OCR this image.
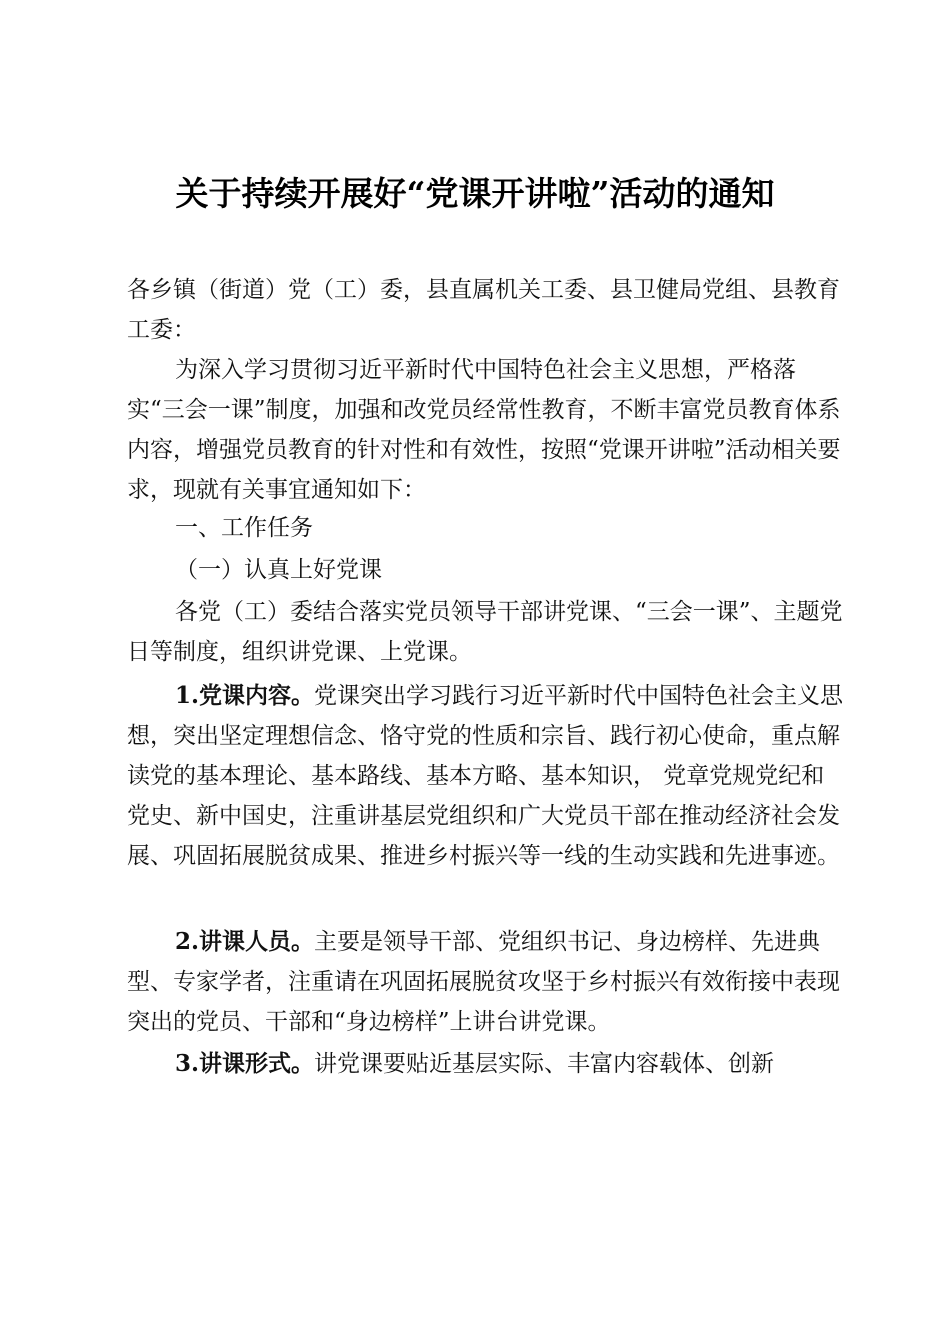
关于持续开展好“党课开讲啦”活动的通知

各乡镇（街道）党（工）委，县直属机关工委、县卫健局党组、县教育工委：

为深入学习贯彻习近平新时代中国特色社会主义思想，严格落实“三会一课”制度，加强和改党员经常性教育，不断丰富党员教育体系内容，增强党员教育的针对性和有效性，按照“党课开讲啦”活动相关要求，现就有关事宜通知如下：

一、工作任务

（一）认真上好党课

各党（工）委结合落实党员领导干部讲党课、“三会一课”、主题党日等制度，组织讲党课、上党课。

1.党课内容。党课突出学习践行习近平新时代中国特色社会主义思想，突出坚定理想信念、恪守党的性质和宗旨、践行初心使命，重点解读党的基本理论、基本路线、基本方略、基本知识， 党章党规党纪和党史、新中国史，注重讲基层党组织和广大党员干部在推动经济社会发展、巩固拓展脱贫成果、推进乡村振兴等一线的生动实践和先进事迹。

2.讲课人员。主要是领导干部、党组织书记、身边榜样、先进典型、专家学者，注重请在巩固拓展脱贫攻坚于乡村振兴有效衔接中表现突出的党员、干部和“身边榜样”上讲台讲党课。

3.讲课形式。讲党课要贴近基层实际、丰富内容载体、创新
